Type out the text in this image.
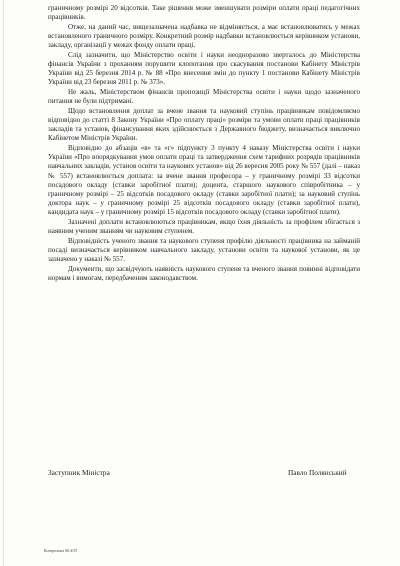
граничному розмірі 20 відсотків. Таке рішення може зменшувати розміри оплати праці педагогічних працівників.

Отже, на даний час, вищезазначена надбавка не відміняється, а має встановлюватись у межах встановленого граничного розміру. Конкретний розмір надбавки встановлюється керівником установи, закладу, організації у межах фонду оплати праці.

Слід зазначити, що Міністерство освіти і науки неодноразово зверталось до Міністерства фінансів України з проханням порушити клопотання про скасування постанови Кабінету Міністрів України від 25 березня 2014 р. № 88 «Про внесення змін до пункту 1 постанови Кабінету Міністрів України від 23 березня 2011 р. № 373».

Не жаль, Міністерством фінансів пропозиції Міністерства освіти і науки щодо зазначеного питання не були підтримані.

Щодо встановлення доплат за вчене звання та науковий ступінь працівникам повідомляємо відповідно до статті 8 Закону України «Про оплату праці» розміри та умови оплати праці працівників закладів та установ, фінансування яких здійснюється з Державного бюджету, визначається виключно Кабінетом Міністрів України.

Відповідно до абзаців «в» та «г» підпункту 3 пункту 4 наказу Міністерства освіти і науки України «Про впорядкування умов оплати праці та затвердження схем тарифних розрядів працівників навчальних закладів, установ освіти та наукових установ» від 26 вересня 2005 року № 557 (далі – наказ № 557) встановлюється доплата: за вчене звання професора – у граничному розмірі 33 відсотки посадового окладу (ставки заробітної плати); доцента, старшого наукового співробітника – у граничному розмірі – 25 відсотків посадового окладу (ставки заробітної плати); за науковий ступінь доктора наук – у граничному розмірі 25 відсотків посадового окладу (ставки заробітної плати), кандидата наук – у граничному розмірі 15 відсотків посадового окладу (ставки заробітної плати).

Зазначені доплати встановлюються працівникам, якщо їхня діяльність за профілем збігається з наявним ученим званням чи науковим ступенем.

Відповідність ученого звання та наукового ступеня профілю діяльності працівника на займаній посаді визначається керівником навчального закладу, установи освіти та наукової установи, як це зазначено у наказі № 557.

Документи, що засвідчують наявність наукового ступеня та вченого звання повинні відповідати нормам і вимогам, передбаченим законодавством.

Заступник Міністра	Павло Полянський
Контрольна 68.4/55
